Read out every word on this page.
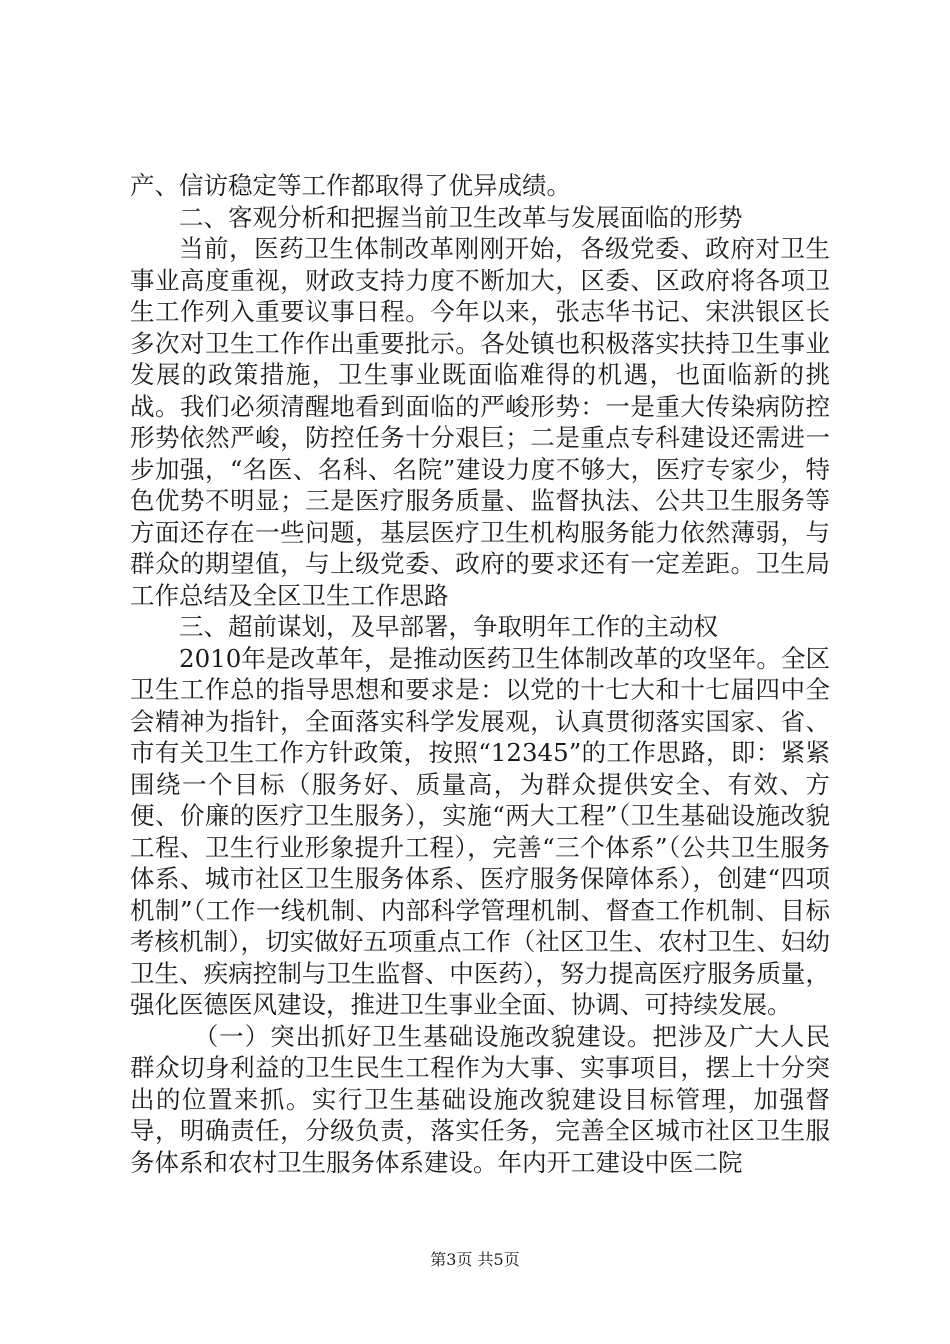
产、信访稳定等工作都取得了优异成绩。

二、客观分析和把握当前卫生改革与发展面临的形势

当前，医药卫生体制改革刚刚开始，各级党委、政府对卫生事业高度重视，财政支持力度不断加大，区委、区政府将各项卫生工作列入重要议事日程。今年以来，张志华书记、宋洪银区长多次对卫生工作作出重要批示。各处镇也积极落实扶持卫生事业发展的政策措施，卫生事业既面临难得的机遇，也面临新的挑战。我们必须清醒地看到面临的严峻形势：一是重大传染病防控形势依然严峻，防控任务十分艰巨；二是重点专科建设还需进一步加强，“名医、名科、名院”建设力度不够大，医疗专家少，特色优势不明显；三是医疗服务质量、监督执法、公共卫生服务等方面还存在一些问题，基层医疗卫生机构服务能力依然薄弱，与群众的期望值，与上级党委、政府的要求还有一定差距。卫生局工作总结及全区卫生工作思路

三、超前谋划，及早部署，争取明年工作的主动权

2010年是改革年，是推动医药卫生体制改革的攻坚年。全区卫生工作总的指导思想和要求是：以党的十七大和十七届四中全会精神为指针，全面落实科学发展观，认真贯彻落实国家、省、市有关卫生工作方针政策，按照“12345”的工作思路，即：紧紧围绕一个目标（服务好、质量高，为群众提供安全、有效、方便、价廉的医疗卫生服务），实施“两大工程”（卫生基础设施改貌工程、卫生行业形象提升工程），完善“三个体系”（公共卫生服务体系、城市社区卫生服务体系、医疗服务保障体系），创建“四项机制”（工作一线机制、内部科学管理机制、督查工作机制、目标考核机制），切实做好五项重点工作（社区卫生、农村卫生、妇幼卫生、疾病控制与卫生监督、中医药），努力提高医疗服务质量，强化医德医风建设，推进卫生事业全面、协调、可持续发展。

（一）突出抓好卫生基础设施改貌建设。把涉及广大人民群众切身利益的卫生民生工程作为大事、实事项目，摆上十分突出的位置来抓。实行卫生基础设施改貌建设目标管理，加强督导，明确责任，分级负责，落实任务，完善全区城市社区卫生服务体系和农村卫生服务体系建设。年内开工建设中医二院

第3页 共5页
